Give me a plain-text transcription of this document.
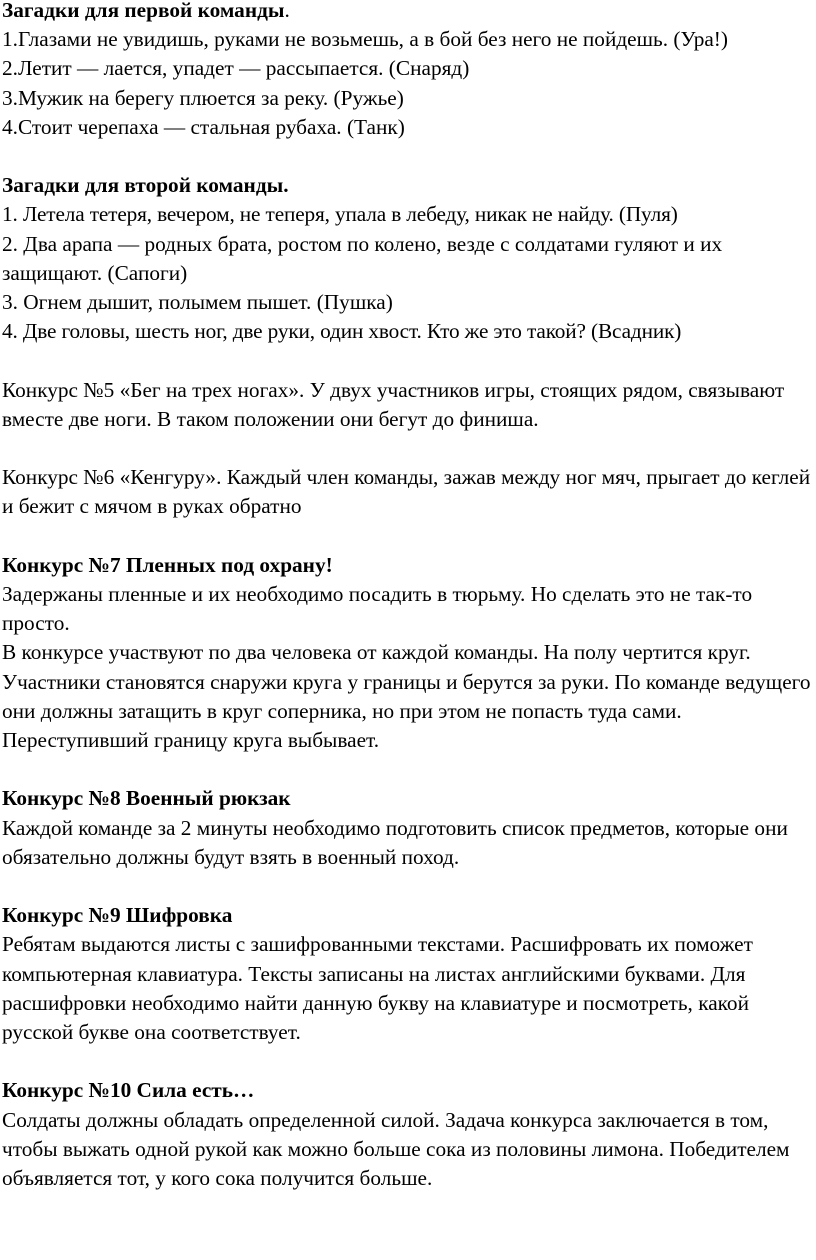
Загадки для первой команды.

1.Глазами не увидишь, руками не возьмешь, а в бой без него не пойдешь. (Ура!)

2.Летит — лается, упадет — рассыпается. (Снаряд)

3.Мужик на берегу плюется за реку. (Ружье)

4.Стоит черепаха — стальная рубаха. (Танк)

Загадки для второй команды.

1. Летела тетеря, вечером, не теперя, упала в лебеду, никак не найду. (Пуля)

2. Два арапа — родных брата, ростом по колено, везде с солдатами гуляют и их защищают. (Сапоги)

3. Огнем дышит, полымем пышет. (Пушка)

4. Две головы, шесть ног, две руки, один хвост. Кто же это такой? (Всадник)

Конкурс №5 «Бег на трех ногах». У двух участников игры, стоящих рядом, связывают вместе две ноги. В таком положении они бегут до финиша.

Конкурс №6 «Кенгуру». Каждый член команды, зажав между ног мяч, прыгает до кеглей и бежит с мячом в руках обратно

Конкурс №7 Пленных под охрану!

Задержаны пленные и их необходимо посадить в тюрьму. Но сделать это не так-то просто.

В конкурсе участвуют по два человека от каждой команды. На полу чертится круг. Участники становятся снаружи круга у границы и берутся за руки. По команде ведущего они должны затащить в круг соперника, но при этом не попасть туда сами. Переступивший границу круга выбывает.

Конкурс №8 Военный рюкзак

Каждой команде за 2 минуты необходимо подготовить список предметов, которые они обязательно должны будут взять в военный поход.

Конкурс №9 Шифровка

Ребятам выдаются листы с зашифрованными текстами. Расшифровать их поможет компьютерная клавиатура. Тексты записаны на листах английскими буквами. Для расшифровки необходимо найти данную букву на клавиатуре и посмотреть, какой русской букве она соответствует.

Конкурс №10 Сила есть…

Солдаты должны обладать определенной силой. Задача конкурса заключается в том, чтобы выжать одной рукой как можно больше сока из половины лимона. Победителем объявляется тот, у кого сока получится больше.
